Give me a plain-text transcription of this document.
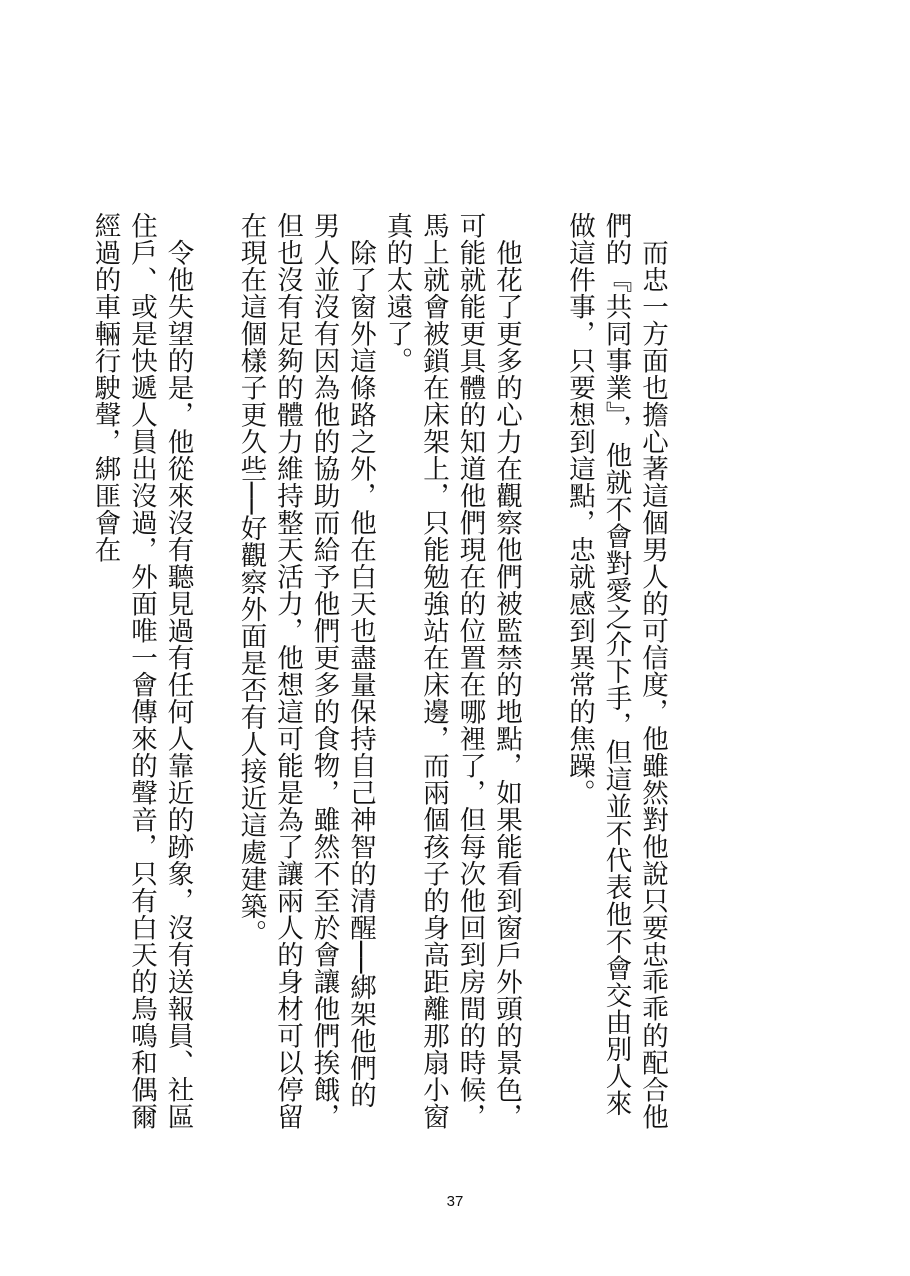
而忠一方面也擔心著這個男人的可信度，他雖然對他說只要忠乖乖的配合他們的『共同事業』，他就不會對愛之介下手，但這並不代表他不會交由別人來做這件事，只要想到這點，忠就感到異常的焦躁。

他花了更多的心力在觀察他們被監禁的地點，如果能看到窗戶外頭的景色，可能就能更具體的知道他們現在的位置在哪裡了，但每次他回到房間的時候，馬上就會被鎖在床架上，只能勉強站在床邊，而兩個孩子的身高距離那扇小窗真的太遠了。

除了窗外這條路之外，他在白天也盡量保持自己神智的清醒──綁架他們的男人並沒有因為他的協助而給予他們更多的食物，雖然不至於會讓他們挨餓，但也沒有足夠的體力維持整天活力，他想這可能是為了讓兩人的身材可以停留在現在這個樣子更久些──好觀察外面是否有人接近這處建築。

令他失望的是，他從來沒有聽見過有任何人靠近的跡象，沒有送報員、社區住戶、或是快遞人員出沒過，外面唯一會傳來的聲音，只有白天的鳥鳴和偶爾經過的車輛行駛聲，綁匪會在

37
